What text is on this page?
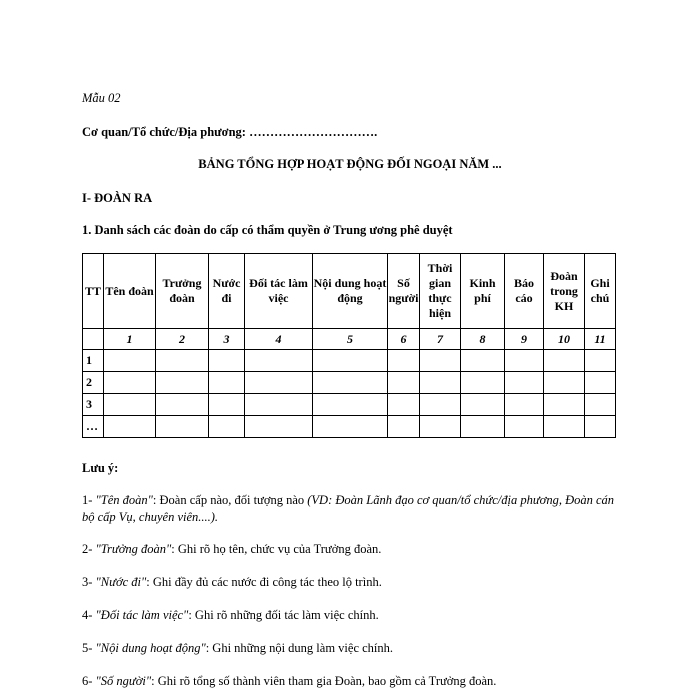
Mẫu 02
Cơ quan/Tổ chức/Địa phương: ………………………….
BẢNG TỔNG HỢP HOẠT ĐỘNG ĐỐI NGOẠI NĂM ...
I- ĐOÀN RA
1. Danh sách các đoàn do cấp có thẩm quyền ở Trung ương phê duyệt
TT	Tên đoàn	Trưởng đoàn	Nước đi	Đối tác làm việc	Nội dung hoạt động	Số người	Thời gian thực hiện	Kinh phí	Báo cáo	Đoàn trong KH	Ghi chú
	1	2	3	4	5	6	7	8	9	10	11
1											
2											
3											
…											
Lưu ý:
1- "Tên đoàn": Đoàn cấp nào, đối tượng nào (VD: Đoàn Lãnh đạo cơ quan/tổ chức/địa phương, Đoàn cán bộ cấp Vụ, chuyên viên....).
2- "Trưởng đoàn": Ghi rõ họ tên, chức vụ của Trưởng đoàn.
3- "Nước đi": Ghi đầy đủ các nước đi công tác theo lộ trình.
4- "Đối tác làm việc": Ghi rõ những đối tác làm việc chính.
5- "Nội dung hoạt động": Ghi những nội dung làm việc chính.
6- "Số người": Ghi rõ tổng số thành viên tham gia Đoàn, bao gồm cả Trưởng đoàn.
